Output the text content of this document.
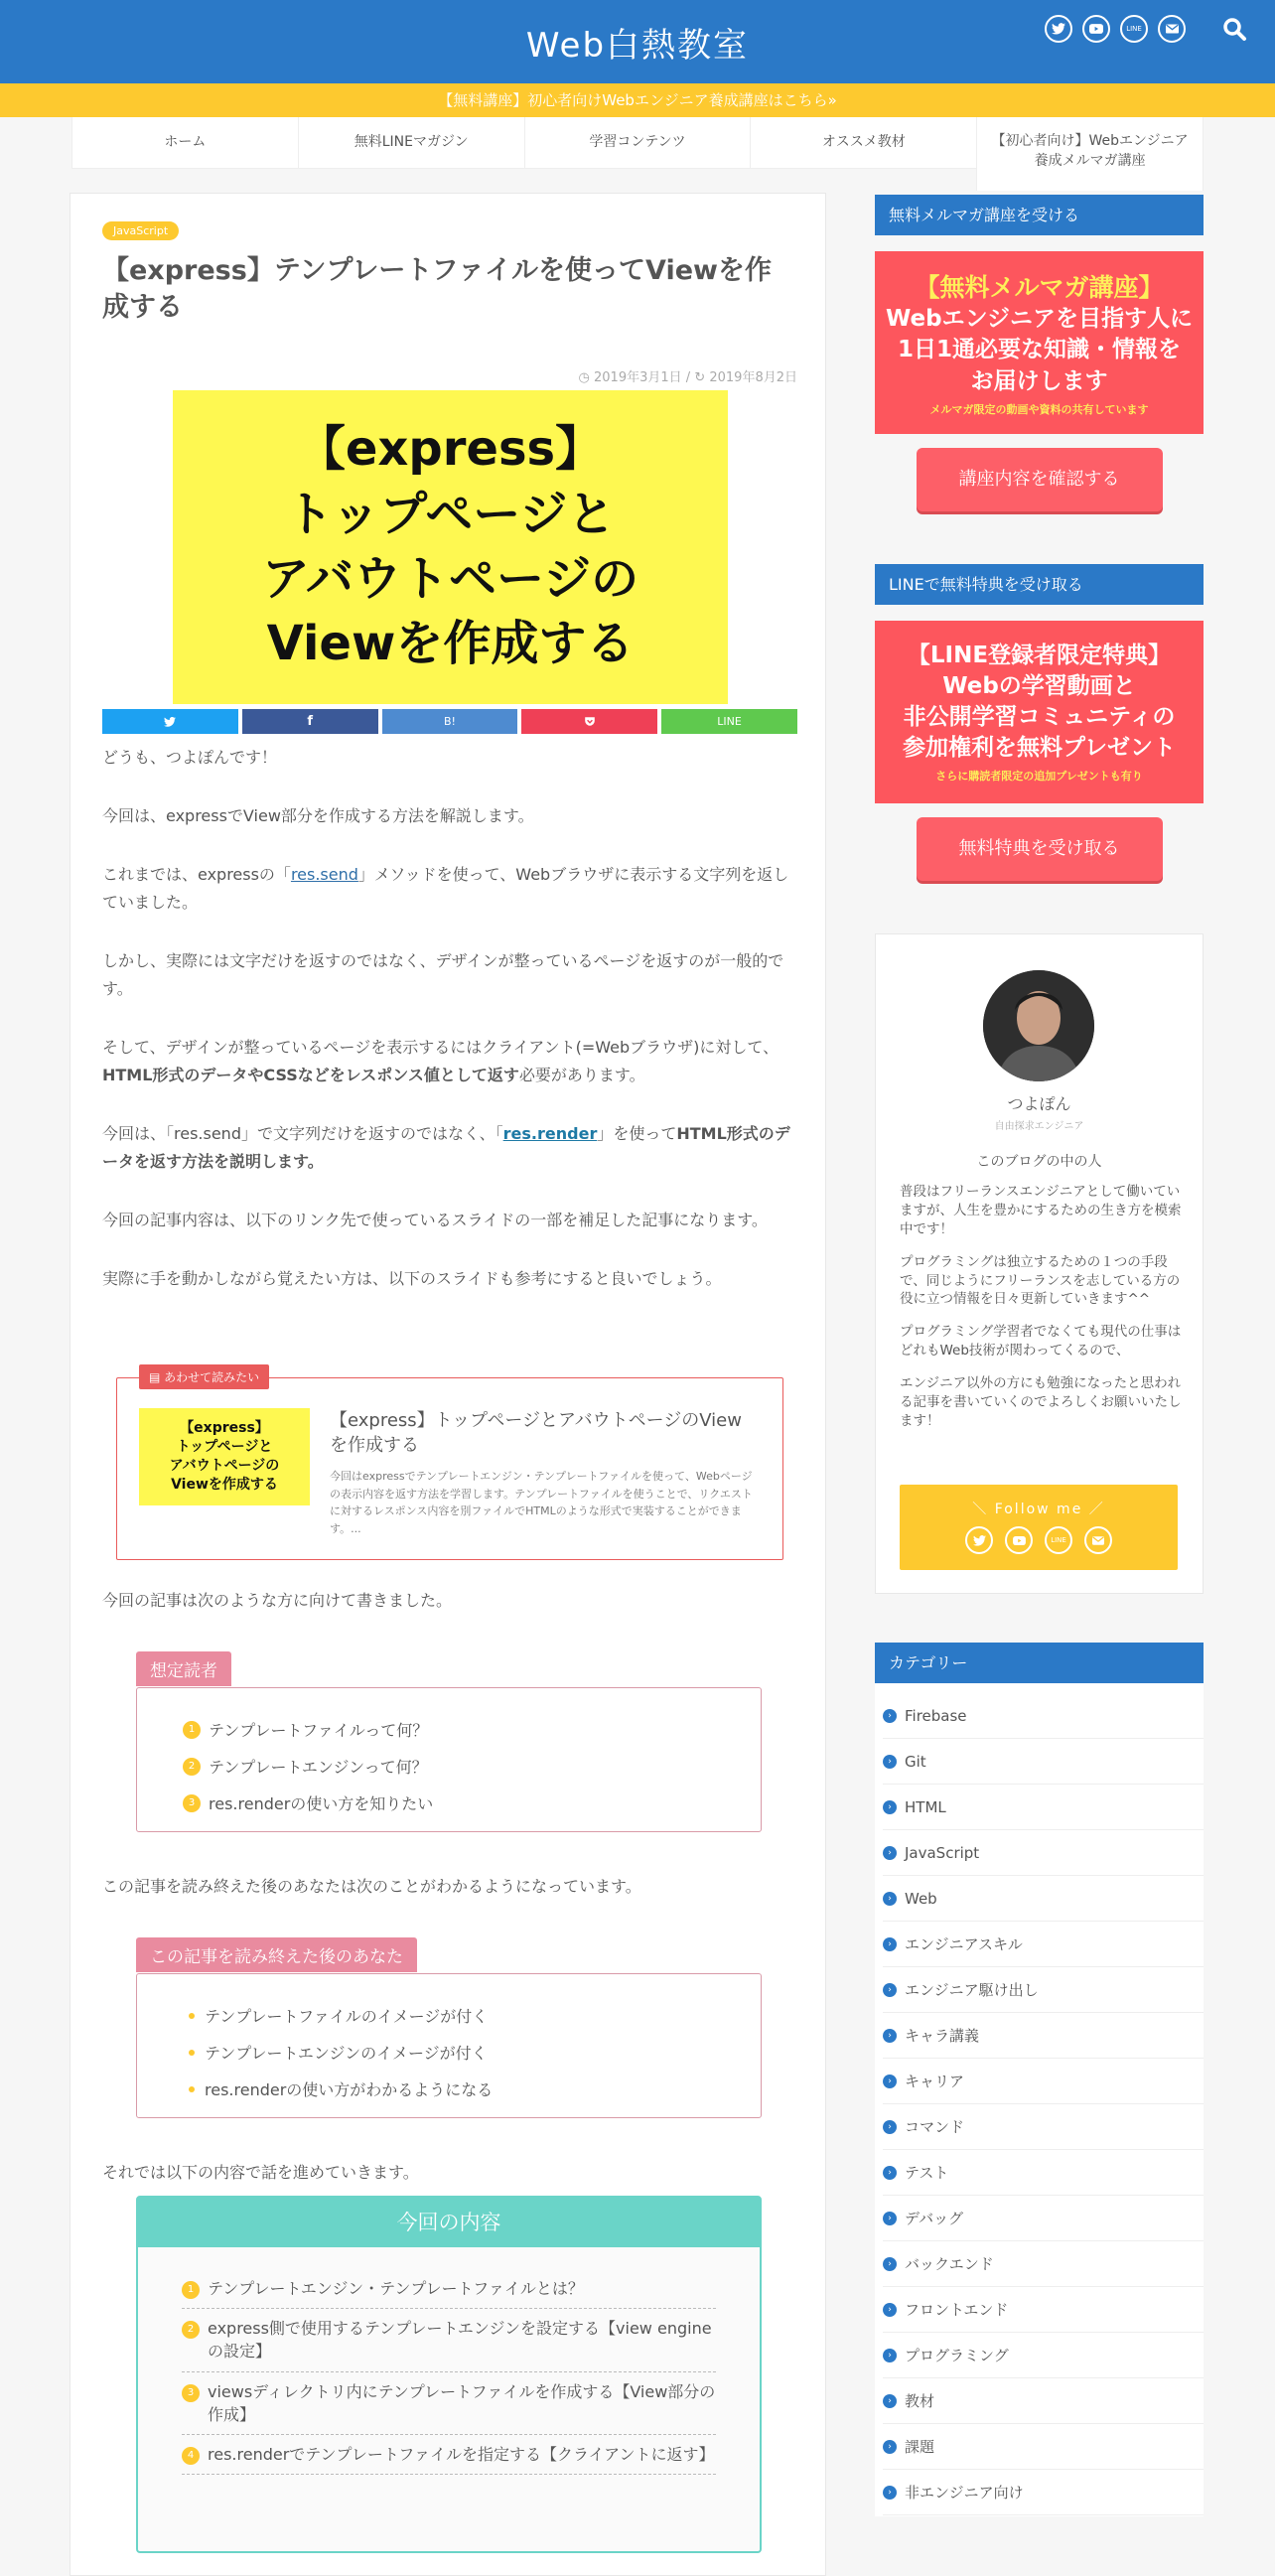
Web白熱教室	LINE
【無料講座】初心者向けWebエンジニア養成講座はこちら»
ホーム	無料LINEマガジン	学習コンテンツ	オススメ教材	【初心者向け】Webエンジニア養成メルマガ講座
JavaScript
【express】テンプレートファイルを使ってViewを作成する
◷ 2019年3月1日 / ↻ 2019年8月2日
【express】
トップページと
アバウトページの
Viewを作成する
f	B!	LINE

どうも、つよぽんです！

今回は、expressでView部分を作成する方法を解説します。

これまでは、expressの「res.send」メソッドを使って、Webブラウザに表示する文字列を返していました。

しかし、実際には文字だけを返すのではなく、デザインが整っているページを返すのが一般的です。

そして、デザインが整っているページを表示するにはクライアント(=Webブラウザ)に対して、HTML形式のデータやCSSなどをレスポンス値として返す必要があります。

今回は、「res.send」で文字列だけを返すのではなく、「res.render」を使ってHTML形式のデータを返す方法を説明します。

今回の記事内容は、以下のリンク先で使っているスライドの一部を補足した記事になります。

実際に手を動かしながら覚えたい方は、以下のスライドも参考にすると良いでしょう。

▤ あわせて読みたい
【express】
トップページと
アバウトページの
Viewを作成する
【express】トップページとアバウトページのViewを作成する
今回はexpressでテンプレートエンジン・テンプレートファイルを使って、Webページの表示内容を返す方法を学習します。テンプレートファイルを使うことで、リクエストに対するレスポンス内容を別ファイルでHTMLのような形式で実装することができます。...
今回の記事は次のような方に向けて書きました。
想定読者
1 テンプレートファイルって何？
2 テンプレートエンジンって何？
3 res.renderの使い方を知りたい
この記事を読み終えた後のあなたは次のことがわかるようになっています。
この記事を読み終えた後のあなた
テンプレートファイルのイメージが付く
テンプレートエンジンのイメージが付く
res.renderの使い方がわかるようになる
それでは以下の内容で話を進めていきます。
今回の内容
1 テンプレートエンジン・テンプレートファイルとは？
2 express側で使用するテンプレートエンジンを設定する【view engineの設定】
3 viewsディレクトリ内にテンプレートファイルを作成する【View部分の作成】
4 res.renderでテンプレートファイルを指定する【クライアントに返す】
無料メルマガ講座を受ける
【無料メルマガ講座】
Webエンジニアを目指す人に
1日1通必要な知識・情報を
お届けします
メルマガ限定の動画や資料の共有しています
講座内容を確認する
LINEで無料特典を受け取る
【LINE登録者限定特典】
Webの学習動画と
非公開学習コミュニティの
参加権利を無料プレゼント
さらに購読者限定の追加プレゼントも有り
無料特典を受け取る
つよぽん
自由探求エンジニア
このブログの中の人

普段はフリーランスエンジニアとして働いていますが、人生を豊かにするための生き方を模索中です！

プログラミングは独立するための１つの手段で、同じようにフリーランスを志している方の役に立つ情報を日々更新していきます^^

プログラミング学習者でなくても現代の仕事はどれもWeb技術が関わってくるので、

エンジニア以外の方にも勉強になったと思われる記事を書いていくのでよろしくお願いいたします！

＼ Follow me ／
LINE
カテゴリー
› Firebase
› Git
› HTML
› JavaScript
› Web
› エンジニアスキル
› エンジニア駆け出し
› キャラ講義
› キャリア
› コマンド
› テスト
› デバッグ
› バックエンド
› フロントエンド
› プログラミング
› 教材
› 課題
› 非エンジニア向け
